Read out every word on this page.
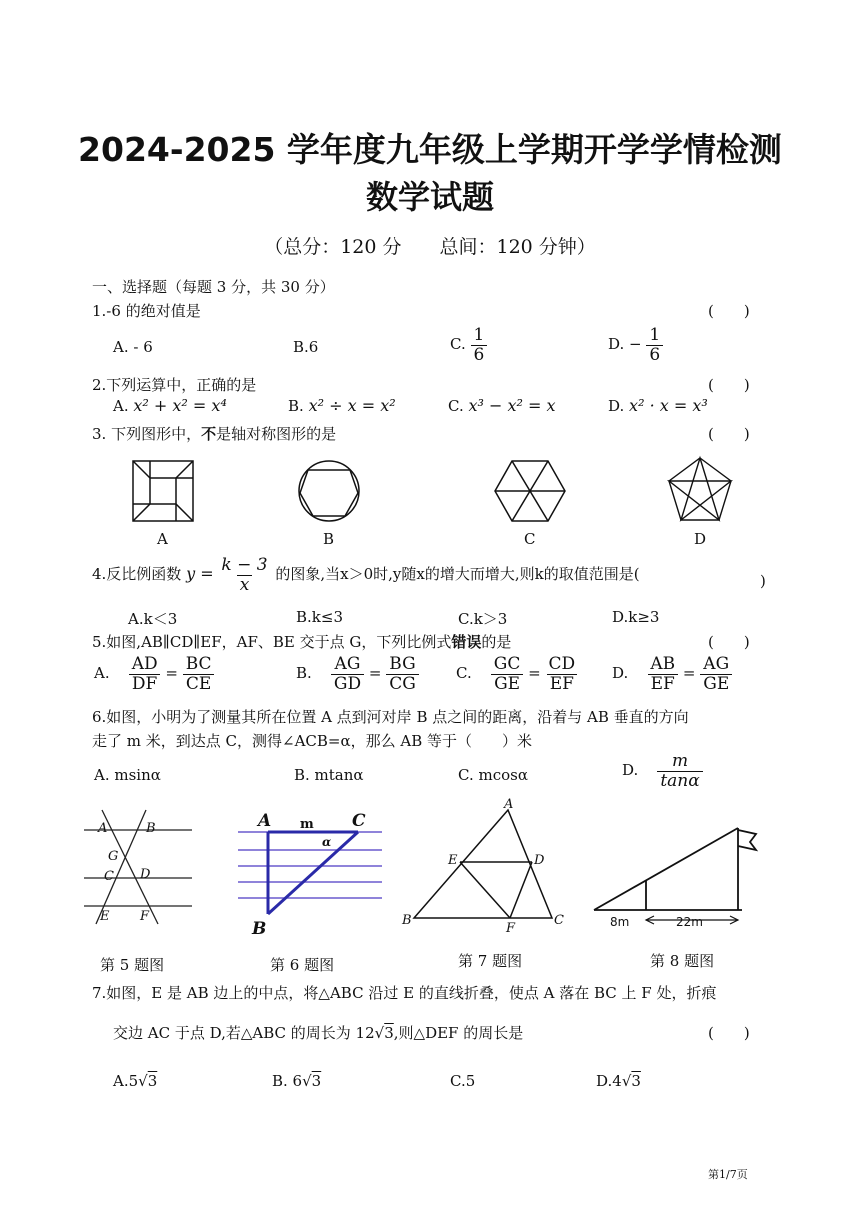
2024-2025 学年度九年级上学期开学学情检测
数学试题
（总分：120 分　　总间：120 分钟）
一、选择题（每题 3 分，共 30 分）
1.-6 的绝对值是	(　　)
A. - 6	B.6	C. $\frac{1}{6}$	D. − $\frac{1}{6}$
2.下列运算中，正确的是	(　　)
A. x² + x² = x⁴	B. x² ÷ x = x²	C. x³ − x² = x	D. x² · x = x³
3. 下列图形中，不是轴对称图形的是	(　　)
A	B	C	D
4.反比例函数 $y = \frac{k - 3}{x}$ 的图象,当x＞0时,y随x的增大而增大,则k的取值范围是(	)
A.k＜3	B.k≤3	C.k＞3	D.k≥3
5.如图,AB∥CD∥EF，AF、BE 交于点 G，下列比例式错误的是	(　　)
A. $\frac{AD}{DF} = \frac{BC}{CE}$	B. $\frac{AG}{GD} = \frac{BG}{CG} C$. $\frac{GC}{GE} = \frac{CD}{EF} D$. $\frac{AB}{EF} = \frac{AG}{GE}$
6.如图，小明为了测量其所在位置 A 点到河对岸 B 点之间的距离，沿着与 AB 垂直的方向
走了 m 米，到达点 C，测得∠ACB=α，那么 AB 等于（　　）米
A. msinα	B. mtanα	C. mcosα	D. $\frac{m}{\tan\alpha}$
A	B
G
C D
E F
第 5 题图
A m C
α
B
第 6 题图
A
E	D
B
F
C
第 7 题图
8m	22m
第 8 题图
7.如图，E 是 AB 边上的中点，将△ABC 沿过 E 的直线折叠，使点 A 落在 BC 上 F 处，折痕
交边 AC 于点 D,若△ABC 的周长为 12√3,则△DEF 的周长是	(　　)
A.5√3	B. 6√3	C.5	D.4√3
第1/7页
